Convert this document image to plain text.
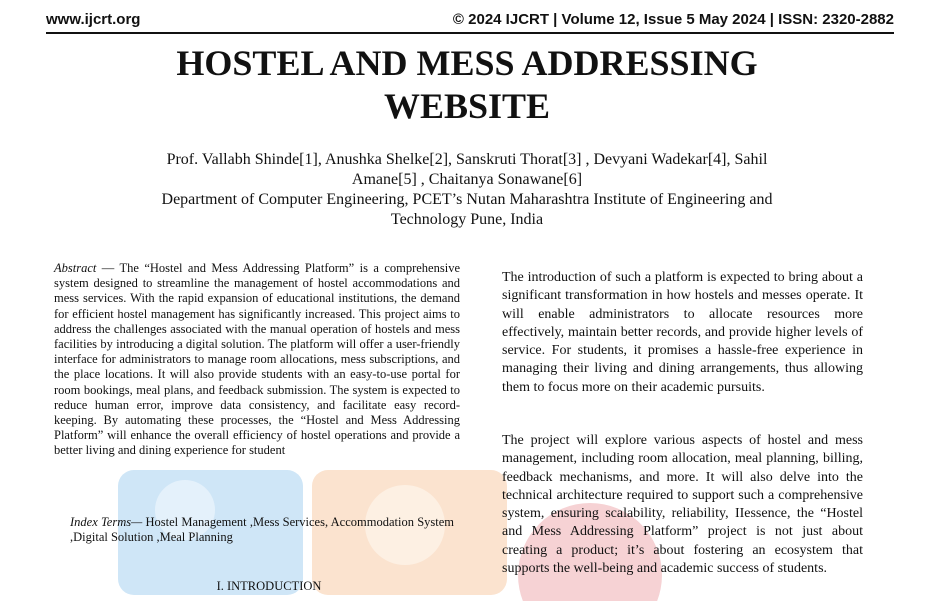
www.ijcrt.org	© 2024 IJCRT | Volume 12, Issue 5 May 2024 | ISSN: 2320-2882
HOSTEL AND MESS ADDRESSING
WEBSITE
Prof. Vallabh Shinde[1], Anushka Shelke[2], Sanskruti Thorat[3] , Devyani Wadekar[4], Sahil
Amane[5] , Chaitanya Sonawane[6]
Department of Computer Engineering, PCET’s Nutan Maharashtra Institute of Engineering and
Technology Pune, India
Abstract — The “Hostel and Mess Addressing Platform” is a comprehensive system designed to streamline the management of hostel accommodations and mess services. With the rapid expansion of educational institutions, the demand for efficient hostel management has significantly increased. This project aims to address the challenges associated with the manual operation of hostels and mess facilities by introducing a digital solution. The platform will offer a user-friendly interface for administrators to manage room allocations, mess subscriptions, and the place locations. It will also provide students with an easy-to-use portal for room bookings, meal plans, and feedback submission. The system is expected to reduce human error, improve data consistency, and facilitate easy record-keeping. By automating these processes, the “Hostel and Mess Addressing Platform” will enhance the overall efficiency of hostel operations and provide a better living and dining experience for student
Index Terms— Hostel Management ,Mess Services, Accommodation System ,Digital Solution ,Meal Planning
I. INTRODUCTION

The introduction of such a platform is expected to bring about a significant transformation in how hostels and messes operate. It will enable administrators to allocate resources more effectively, maintain better records, and provide higher levels of service. For students, it promises a hassle-free experience in managing their living and dining arrangements, thus allowing them to focus more on their academic pursuits.

The project will explore various aspects of hostel and mess management, including room allocation, meal planning, billing, feedback mechanisms, and more. It will also delve into the technical architecture required to support such a comprehensive system, ensuring scalability, reliability, IIessence, the “Hostel and Mess Addressing Platform” project is not just about creating a product; it’s about fostering an ecosystem that supports the well-being and academic success of students.
